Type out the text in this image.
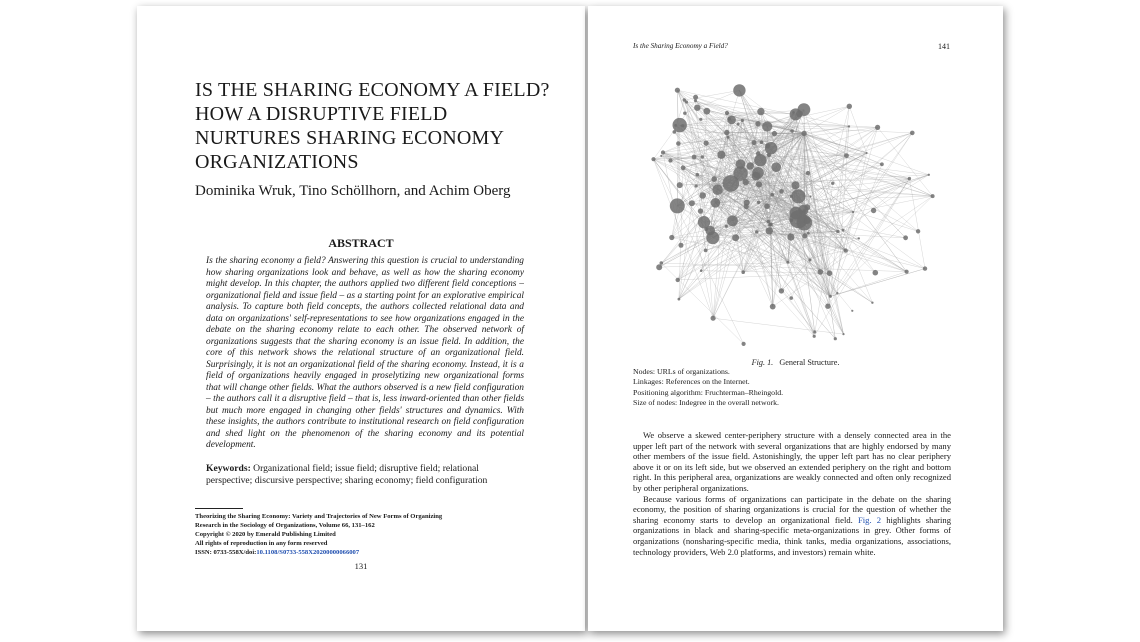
IS THE SHARING ECONOMY A FIELD? HOW A DISRUPTIVE FIELD NURTURES SHARING ECONOMY ORGANIZATIONS
Dominika Wruk, Tino Schöllhorn, and Achim Oberg
ABSTRACT
Is the sharing economy a field? Answering this question is crucial to understanding how sharing organizations look and behave, as well as how the sharing economy might develop. In this chapter, the authors applied two different field conceptions – organizational field and issue field – as a starting point for an explorative empirical analysis. To capture both field concepts, the authors collected relational data and data on organizations' self-representations to see how organizations engaged in the debate on the sharing economy relate to each other. The observed network of organizations suggests that the sharing economy is an issue field. In addition, the core of this network shows the relational structure of an organizational field. Surprisingly, it is not an organizational field of the sharing economy. Instead, it is a field of organizations heavily engaged in proselytizing new organizational forms that will change other fields. What the authors observed is a new field configuration – the authors call it a disruptive field – that is, less inward-oriented than other fields but much more engaged in changing other fields' structures and dynamics. With these insights, the authors contribute to institutional research on field configuration and shed light on the phenomenon of the sharing economy and its potential development.
Keywords: Organizational field; issue field; disruptive field; relational perspective; discursive perspective; sharing economy; field configuration
Theorizing the Sharing Economy: Variety and Trajectories of New Forms of Organizing
Research in the Sociology of Organizations, Volume 66, 131–162
Copyright © 2020 by Emerald Publishing Limited
All rights of reproduction in any form reserved
ISSN: 0733-558X/doi:10.1108/S0733-558X20200000066007
131
Is the Sharing Economy a Field?	141
Fig. 1. General Structure.
Nodes: URLs of organizations.
Linkages: References on the Internet.
Positioning algorithm: Fruchterman–Rheingold.
Size of nodes: Indegree in the overall network.

We observe a skewed center-periphery structure with a densely connected area in the upper left part of the network with several organizations that are highly endorsed by many other members of the issue field. Astonishingly, the upper left part has no clear periphery above it or on its left side, but we observed an extended periphery on the right and bottom right. In this peripheral area, organizations are weakly connected and often only recognized by other peripheral organizations.

Because various forms of organizations can participate in the debate on the sharing economy, the position of sharing organizations is crucial for the question of whether the sharing economy starts to develop an organizational field. Fig. 2 highlights sharing organizations in black and sharing-specific meta-organizations in grey. Other forms of organizations (nonsharing-specific media, think tanks, media organizations, associations, technology providers, Web 2.0 platforms, and investors) remain white.
